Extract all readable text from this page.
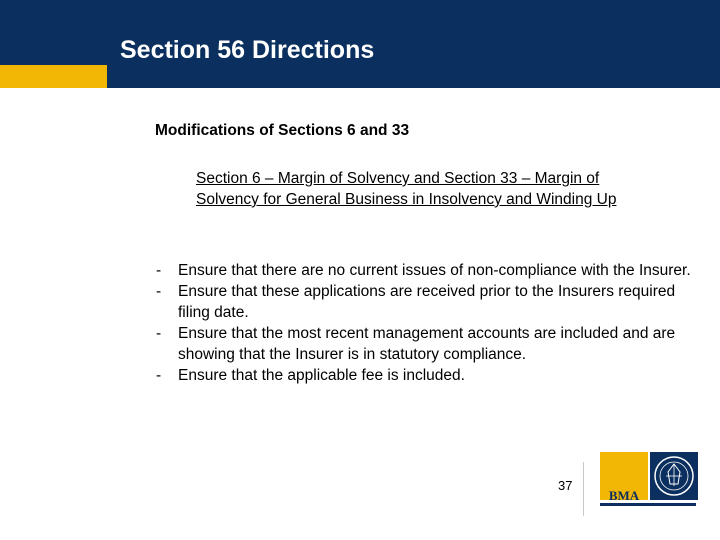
Section 56 Directions
Modifications of Sections 6 and 33
Section 6 – Margin of Solvency and Section 33 – Margin of
Solvency for General Business in Insolvency and Winding Up
- Ensure that there are no current issues of non-compliance with the Insurer.
- Ensure that these applications are received prior to the Insurers required filing date.
- Ensure that the most recent management accounts are included and are showing that the Insurer is in statutory compliance.
- Ensure that the applicable fee is included.
37
BMA
